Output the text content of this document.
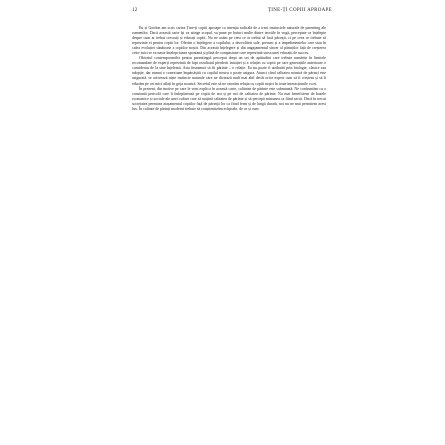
12	ȚINE-ȚI COPIII APROAPE

Eu și Gordon am scris cartea Ține-ți copiii aproape ca intenția radicală de a trezi instinctele naturale de parenting ale oamenilor. Dacă această carte își va atinge scopul, va pune pe butuci multe dintre teoriile în vogă, percepute ca înțelepte despre cum ar trebui crescuți și educați copiii. Nu ne axăm pe ceea ce ar trebui să facă părinții, ci pe ceea ce trebuie să reprezinte ei pentru copiii lor. Oferim o înțelegere a copilului, a dezvoltării sale, precum și a impedimentelor care stau în calea evoluției sănătoase a copiilor noștri. Din această înțelegere și din angajamentul sincer al părinților față de creșterea celor mici se va naște înțelepciunea spontană și plină de compasiune care reprezintă sursa unei educații de succes.

Obiceiul contemporanilor pentru parentingul perceput drept un set de aptitudini care trebuie urmărite în limitele recomandate de experți reprezintă de fapt rezultatul pierderii intuiției și a relației cu copiii pe care generațiile anterioare o considerau de la sine înțeleasă. Asta înseamnă să fii părinte – o relație. Ea nu poate fi atribuită prin biologie, clasice sau adopție, dar numai o conexiune împărtășită cu copilul nostru o poate asigura. Atunci când calitatea noastră de părinți este asigurată, se activează niște instincte naturale care ne dictează mult mai abil decât orice expert cum să îi creștem și să îi educăm pe cei mici aflați în grija noastră. Secretul este să ne onorăm relația cu copiii noștri în toate interacțiunile cu ei.

În prezent, din motive pe care le vom explica în această carte, calitatea de părinte este subminată. Ne confruntăm cu o constantă pericolă care îi îndepărtează pe copiii de noi și pe noi de calitatea de părinte. Nu mai beneficiem de bazele economice și sociale ale unei culturi care să susțină calitatea de părinte și să percepă misiunea ca fiind sacră. Dacă în trecut societatea permitea atașamentul copiilor față de părinții lor ca fiind ferm și de lungă durată, noi nu ne mai permitem acest lux. În calitate de părinți moderni trebuie să conștientizăm eclipsele, de ce și cum
